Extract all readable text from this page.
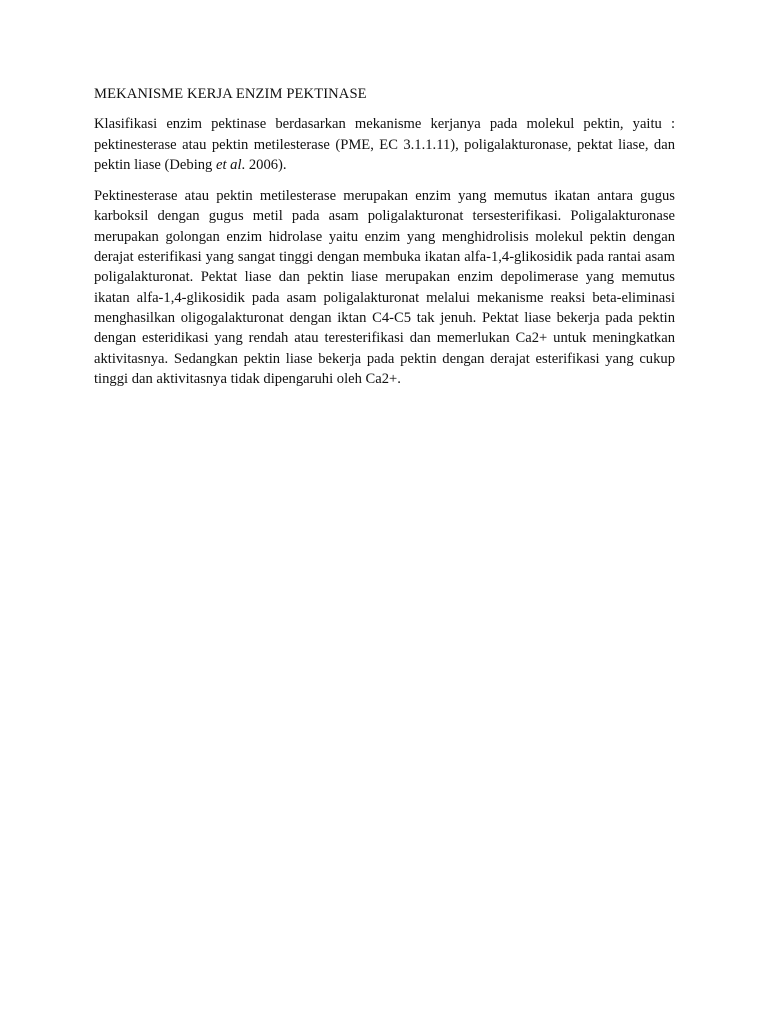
MEKANISME KERJA ENZIM PEKTINASE

Klasifikasi enzim pektinase berdasarkan mekanisme kerjanya pada molekul pektin, yaitu : pektinesterase atau pektin metilesterase (PME, EC 3.1.1.11), poligalakturonase, pektat liase, dan pektin liase (Debing et al. 2006).

Pektinesterase atau pektin metilesterase merupakan enzim yang memutus ikatan antara gugus karboksil dengan gugus metil pada asam poligalakturonat tersesterifikasi. Poligalakturonase merupakan golongan enzim hidrolase yaitu enzim yang menghidrolisis molekul pektin dengan derajat esterifikasi yang sangat tinggi dengan membuka ikatan alfa-1,4-glikosidik pada rantai asam poligalakturonat. Pektat liase dan pektin liase merupakan enzim depolimerase yang memutus ikatan alfa-1,4-glikosidik pada asam poligalakturonat melalui mekanisme reaksi beta-eliminasi menghasilkan oligogalakturonat dengan iktan C4-C5 tak jenuh. Pektat liase bekerja pada pektin dengan esteridikasi yang rendah atau teresterifikasi dan memerlukan Ca2+ untuk meningkatkan aktivitasnya. Sedangkan pektin liase bekerja pada pektin dengan derajat esterifikasi yang cukup tinggi dan aktivitasnya tidak dipengaruhi oleh Ca2+.
